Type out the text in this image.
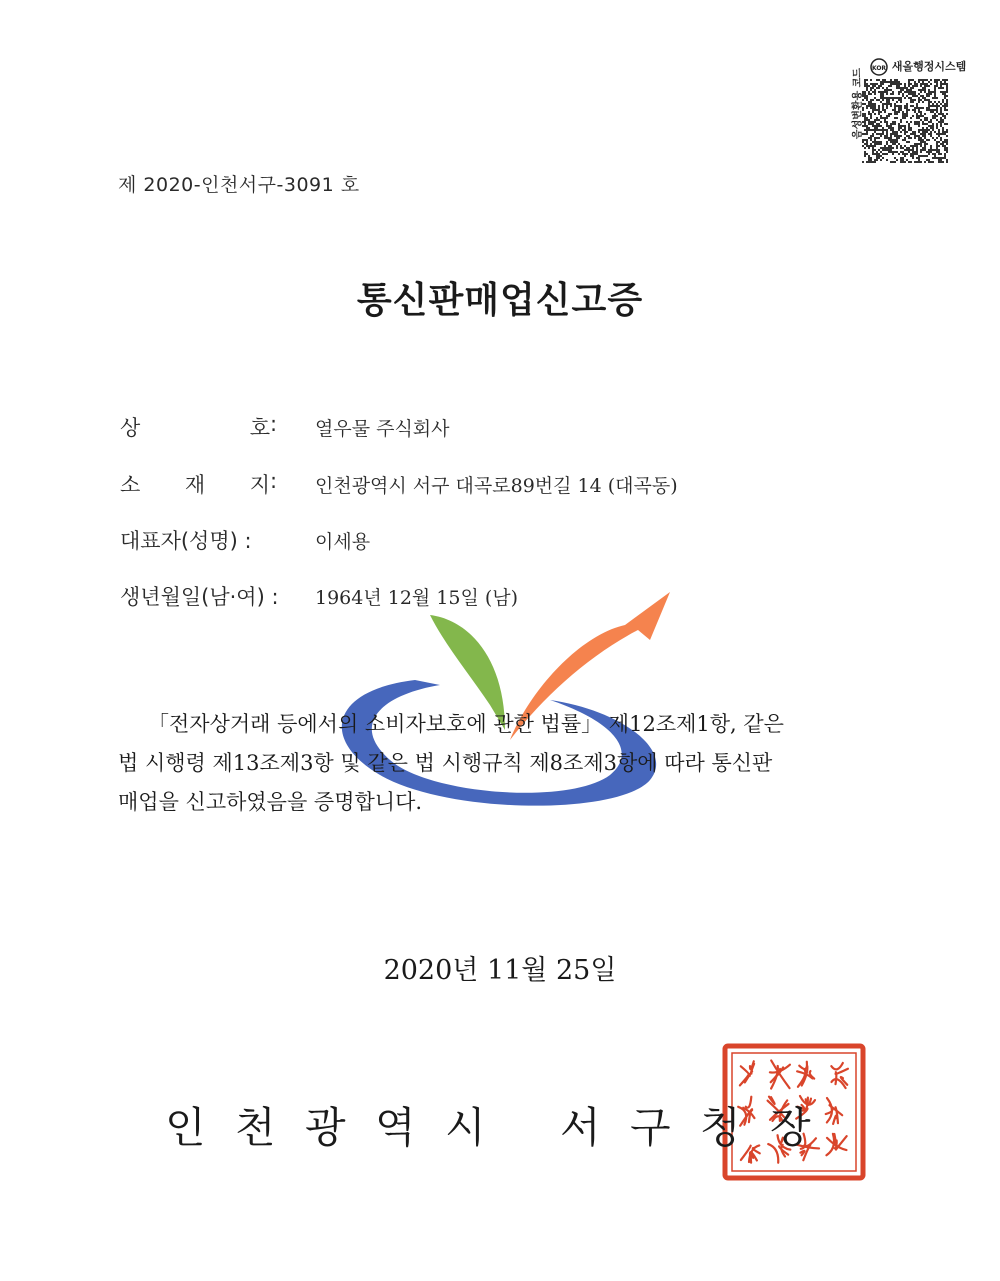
KOR 새올행정시스템
음성변환용 코드
제 2020-인천서구-3091 호
통신판매업신고증
상	호 : 열우물 주식회사
소 재 지 : 인천광역시 서구 대곡로89번길 14 (대곡동)
대표자(성명) :	이세용
생년월일(남·여) :	1964년 12월 15일 (남)

「전자상거래 등에서의 소비자보호에 관한 법률」 제12조제1항, 같은

법 시행령 제13조제3항 및 같은 법 시행규칙 제8조제3항에 따라 통신판

매업을 신고하였음을 증명합니다.

2020년 11월 25일
인 천 광 역 시 서 구 청 장
